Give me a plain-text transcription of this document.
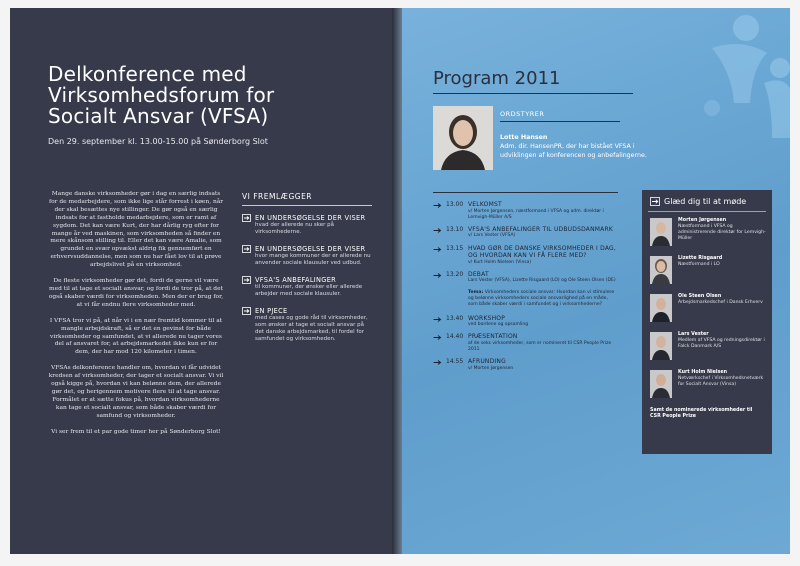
Delkonference med Virksomhedsforum for Socialt Ansvar (VFSA)
Den 29. september kl. 13.00-15.00 på Sønderborg Slot

Mange danske virksomheder gør i dag en særlig indsats for de medarbejdere, som ikke lige står forrest i køen, når der skal besættes nye stillinger. De gør også en særlig indsats for at fastholde medarbejdere, som er ramt af sygdom. Det kan være Kurt, der har dårlig ryg efter for mange år ved maskinen, som virksomheden så finder en mere skånsom stilling til. Eller det kan være Amalie, som grundet en svær opvækst aldrig fik gennemført en erhvervsuddannelse, men som nu har fået lov til at prøve arbejdslivet på en virksomhed.

De fleste virksomheder gør det, fordi de gerne vil være med til at tage et socialt ansvar, og fordi de tror på, at det også skaber værdi for virksomheden. Men der er brug for, at vi får endnu flere virksomheder med.

I VFSA tror vi på, at når vi i en nær fremtid kommer til at mangle arbejdskraft, så er det en gevinst for både virksomheder og samfundet, at vi allerede nu tager vores del af ansvaret for, at arbejdsmarkedet ikke kun er for dem, der har mod 120 kilometer i timen.

VFSAs delkonference handler om, hvordan vi får udvidet kredsen af virksomheder, der tager et socialt ansvar. Vi vil også kigge på, hvordan vi kan belønne dem, der allerede gør det, og herigennem motivere flere til at tage ansvar. Formålet er at sætte fokus på, hvordan virksomhederne kan tage et socialt ansvar, som både skaber værdi for samfund og virksomheder.

Vi ser frem til et par gode timer her på Sønderborg Slot!

VI FREMLÆGGER
EN UNDERSØGELSE DER VISER
hvad der allerede nu sker på virksomhederne.
EN UNDERSØGELSE DER VISER
hvor mange kommuner der er allerede nu anvender sociale klausuler ved udbud.
VFSA'S ANBEFALINGER
til kommuner, der ønsker eller allerede arbejder med sociale klausuler.
EN PJECE
med cases og gode råd til virksomheder, som ønsker at tage et socialt ansvar på det danske arbejdsmarked, til fordel for samfundet og virksomheden.
Program 2011
ORDSTYRER
Lotte Hansen
Adm. dir. HansenPR, der har bistået VFSA i udviklingen af konferencen og anbefalingerne.
13.00 VELKOMST
v/ Morten Jørgensen, næstformand i VFSA og adm. direktør i Lemvigh-Müller A/S
13.10 VFSA'S ANBEFALINGER TIL UDBUDSDANMARK
v/ Lars Vester (VFSA)
13.15 HVAD GØR DE DANSKE VIRKSOMHEDER I DAG, OG HVORDAN KAN VI FÅ FLERE MED?
v/ Kurt Holm Nielsen (Vinsa)
13.20 DEBAT
Lars Vester (VFSA), Lizette Risgaard (LO) og Ole Steen Olsen (DE)
Tema: Virksomheders sociale ansvar: Hvordan kan vi stimulere og belønne virksomheders sociale ansvarlighed på en måde, som både skaber værdi i samfundet og i virksomhederne?
13.40 WORKSHOP
ved bordene og opsamling
14.40 PRÆSENTATION
af de seks virksomheder, som er nomineret til CSR People Prize 2011
14.55 AFRUNDING
v/ Morten Jørgensen
Glæd dig til at møde
Morten Jørgensen
Næstformand i VFSA og administrerende direktør for Lemvigh-Müller
Lizette Risgaard
Næstformand i LO
Ole Steen Olsen
Arbejdsmarkedschef i Dansk Erhverv
Lars Vester
Medlem af VFSA og redningsdirektør i Falck Danmark A/S
Kurt Holm Nielsen
Netværkschef i Virksomhedsnetværk for Socialt Ansvar (Vinsa)
Samt de nominerede virksomheder til CSR People Prize
